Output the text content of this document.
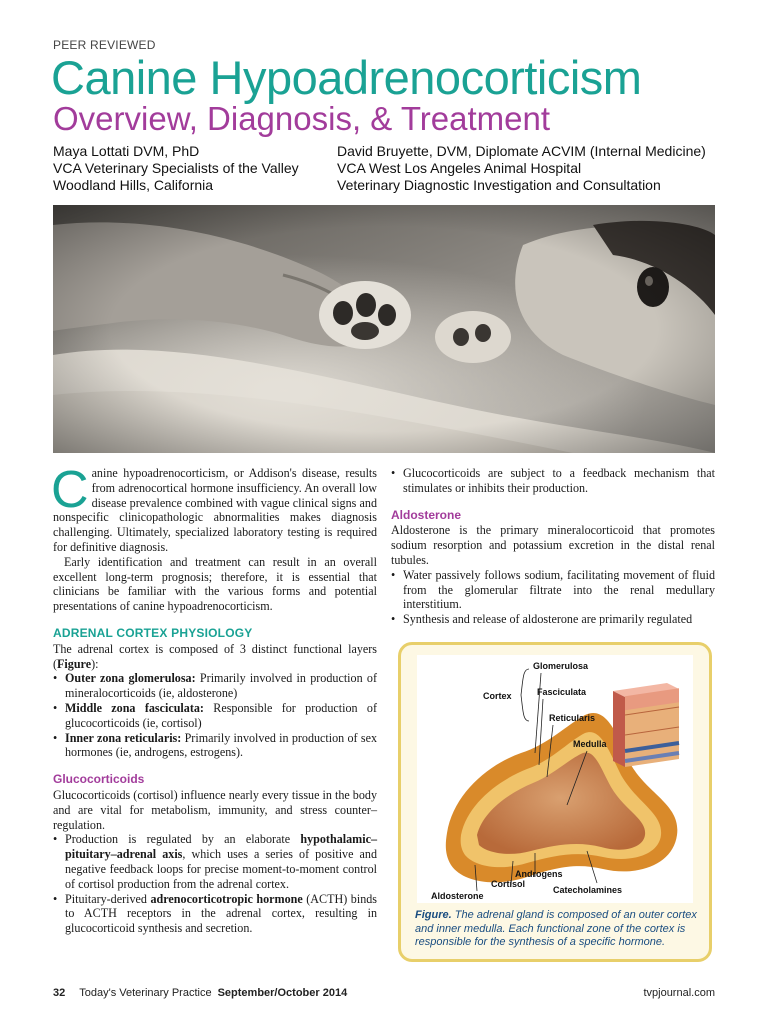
PEER REVIEWED
Canine Hypoadrenocorticism
Overview, Diagnosis, & Treatment
Maya Lottati DVM, PhD
VCA Veterinary Specialists of the Valley
Woodland Hills, California
David Bruyette, DVM, Diplomate ACVIM (Internal Medicine)
VCA West Los Angeles Animal Hospital
Veterinary Diagnostic Investigation and Consultation
C anine hypoadrenocorticism, or Addison's disease, results from adrenocortical hormone insufficiency. An overall low disease prevalence combined with vague clinical signs and nonspecific clinicopathologic abnormalities makes diagnosis challenging. Ultimately, specialized laboratory testing is required for definitive diagnosis.

Early identification and treatment can result in an overall excellent long-term prognosis; therefore, it is essential that clinicians be familiar with the various forms and potential presentations of canine hypoadrenocorticism.

ADRENAL CORTEX PHYSIOLOGY

The adrenal cortex is composed of 3 distinct functional layers (Figure):

• Outer zona glomerulosa: Primarily involved in production of mineralocorticoids (ie, aldosterone)
• Middle zona fasciculata: Responsible for production of glucocorticoids (ie, cortisol)
• Inner zona reticularis: Primarily involved in production of sex hormones (ie, androgens, estrogens).
Glucocorticoids

Glucocorticoids (cortisol) influence nearly every tissue in the body and are vital for metabolism, immunity, and stress counter–regulation.

• Production is regulated by an elaborate hypothalamic–pituitary–adrenal axis, which uses a series of positive and negative feedback loops for precise moment-to-moment control of cortisol production from the adrenal cortex.
• Pituitary-derived adrenocorticotropic hormone (ACTH) binds to ACTH receptors in the adrenal cortex, resulting in glucocorticoid synthesis and secretion.
• Glucocorticoids are subject to a feedback mechanism that stimulates or inhibits their production.
Aldosterone

Aldosterone is the primary mineralocorticoid that promotes sodium resorption and potassium excretion in the distal renal tubules.

• Water passively follows sodium, facilitating movement of fluid from the glomerular filtrate into the renal medullary interstitium.
• Synthesis and release of aldosterone are primarily regulated
Cortex
Glomerulosa
Fasciculata
Reticularis
Medulla
Androgens
Cortisol
Catecholamines
Aldosterone
Figure. The adrenal gland is composed of an outer cortex and inner medulla. Each functional zone of the cortex is responsible for the synthesis of a specific hormone.
32 Today's Veterinary Practice September/October 2014	tvpjournal.com
